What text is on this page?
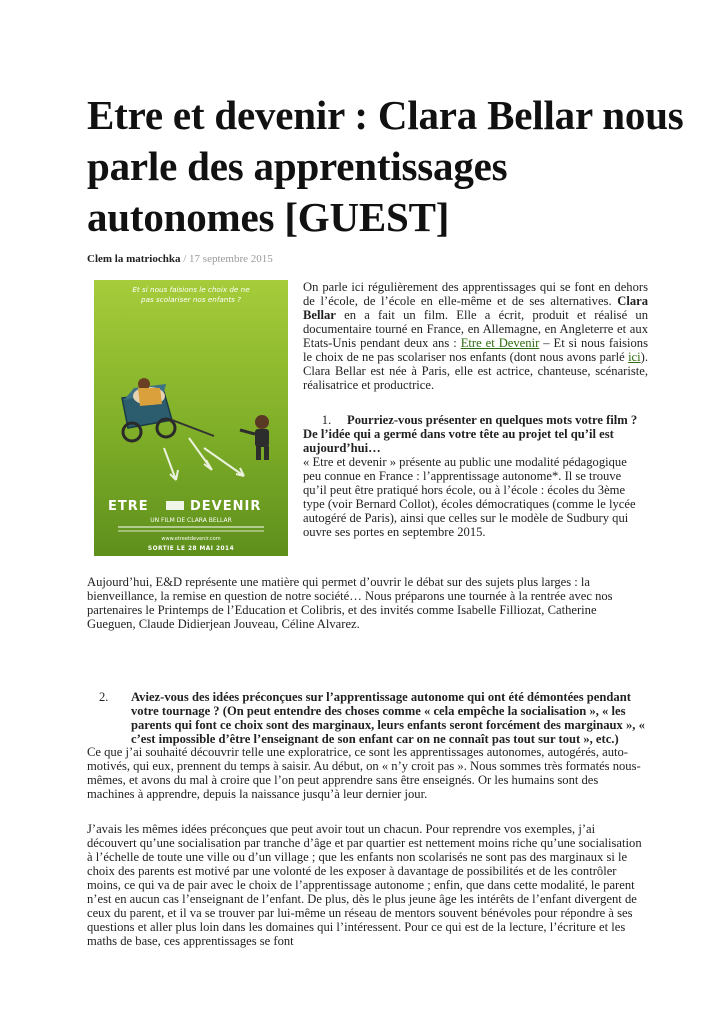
Etre et devenir : Clara Bellar nous parle des apprentissages autonomes [GUEST]
Clem la matriochka / 17 septembre 2015
Et si nous faisions le choix de ne
pas scolariser nos enfants ?
ETRE	DEVENIR
UN FILM DE CLARA BELLAR
www.etreetdevenir.com
SORTIE LE 28 MAI 2014
On parle ici régulièrement des apprentissages qui se font en dehors de l’école, de l’école en elle-même et de ses alternatives. Clara Bellar en a fait un film. Elle a écrit, produit et réalisé un documentaire tourné en France, en Allemagne, en Angleterre et aux Etats-Unis pendant deux ans : Etre et Devenir – Et si nous faisions le choix de ne pas scolariser nos enfants (dont nous avons parlé ici). Clara Bellar est née à Paris, elle est actrice, chanteuse, scénariste, réalisatrice et productrice.
1. Pourriez-vous présenter en quelques mots votre film ? De l’idée qui a germé dans votre tête au projet tel qu’il est aujourd’hui…
« Etre et devenir » présente au public une modalité pédagogique peu connue en France : l’apprentissage autonome*. Il se trouve qu’il peut être pratiqué hors école, ou à l’école : écoles du 3ème type (voir Bernard Collot), écoles démocratiques (comme le lycée autogéré de Paris), ainsi que celles sur le modèle de Sudbury qui ouvre ses portes en septembre 2015.
Aujourd’hui, E&D représente une matière qui permet d’ouvrir le débat sur des sujets plus larges : la bienveillance, la remise en question de notre société… Nous préparons une tournée à la rentrée avec nos partenaires le Printemps de l’Education et Colibris, et des invités comme Isabelle Filliozat, Catherine Gueguen, Claude Didierjean Jouveau, Céline Alvarez.
2.	Aviez-vous des idées préconçues sur l’apprentissage autonome qui ont été démontées pendant votre tournage ? (On peut entendre des choses comme « cela empêche la socialisation », « les parents qui font ce choix sont des marginaux, leurs enfants seront forcément des marginaux », « c’est impossible d’être l’enseignant de son enfant car on ne connaît pas tout sur tout », etc.)
Ce que j’ai souhaité découvrir telle une exploratrice, ce sont les apprentissages autonomes, autogérés, auto-motivés, qui eux, prennent du temps à saisir. Au début, on « n’y croit pas ». Nous sommes très formatés nous-mêmes, et avons du mal à croire que l’on peut apprendre sans être enseignés. Or les humains sont des machines à apprendre, depuis la naissance jusqu’à leur dernier jour.
J’avais les mêmes idées préconçues que peut avoir tout un chacun. Pour reprendre vos exemples, j’ai découvert qu’une socialisation par tranche d’âge et par quartier est nettement moins riche qu’une socialisation à l’échelle de toute une ville ou d’un village ; que les enfants non scolarisés ne sont pas des marginaux si le choix des parents est motivé par une volonté de les exposer à davantage de possibilités et de les contrôler moins, ce qui va de pair avec le choix de l’apprentissage autonome ; enfin, que dans cette modalité, le parent n’est en aucun cas l’enseignant de l’enfant. De plus, dès le plus jeune âge les intérêts de l’enfant divergent de ceux du parent, et il va se trouver par lui-même un réseau de mentors souvent bénévoles pour répondre à ses questions et aller plus loin dans les domaines qui l’intéressent. Pour ce qui est de la lecture, l’écriture et les maths de base, ces apprentissages se font
